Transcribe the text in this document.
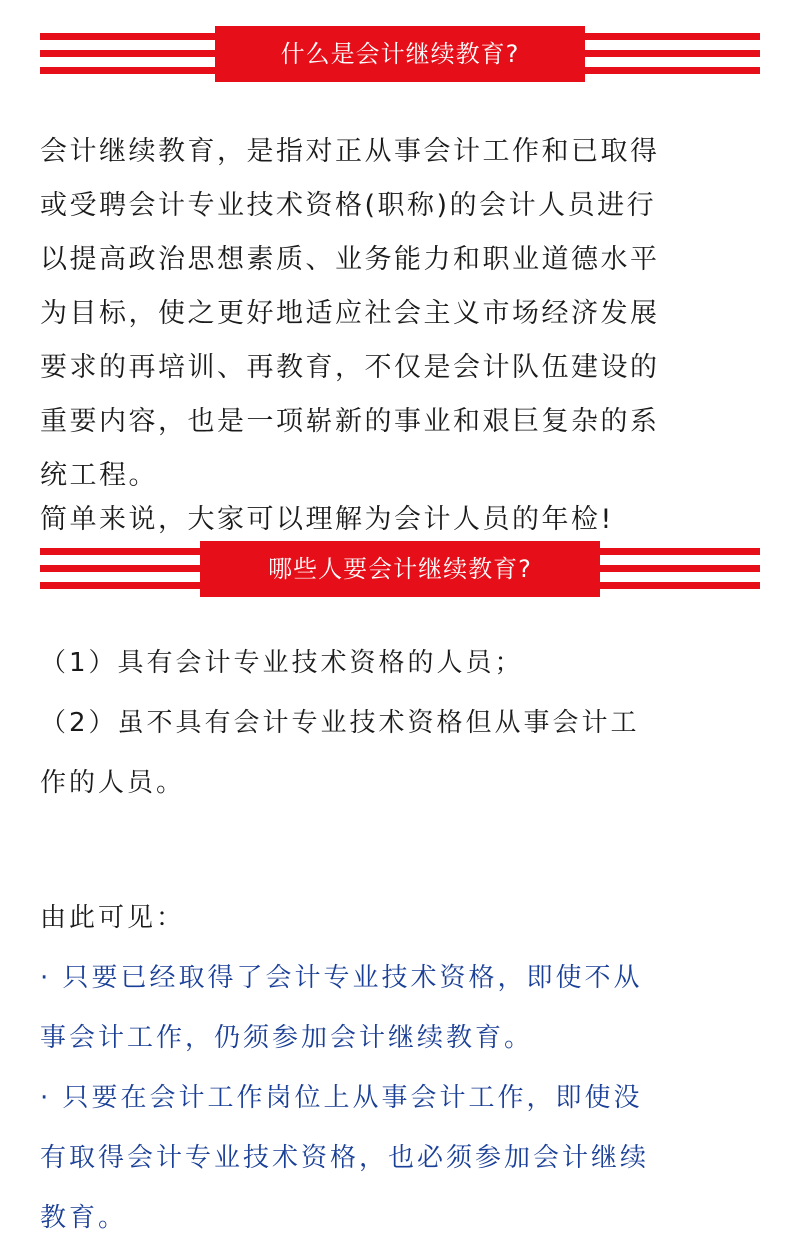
什么是会计继续教育?
会计继续教育，是指对正从事会计工作和已取得
或受聘会计专业技术资格(职称)的会计人员进行
以提高政治思想素质、业务能力和职业道德水平
为目标，使之更好地适应社会主义市场经济发展
要求的再培训、再教育，不仅是会计队伍建设的
重要内容，也是一项崭新的事业和艰巨复杂的系
统工程。
简单来说，大家可以理解为会计人员的年检!
哪些人要会计继续教育?
（1）具有会计专业技术资格的人员；
（2）虽不具有会计专业技术资格但从事会计工
作的人员。
由此可见：
· 只要已经取得了会计专业技术资格，即使不从
事会计工作，仍须参加会计继续教育。
· 只要在会计工作岗位上从事会计工作，即使没
有取得会计专业技术资格，也必须参加会计继续
教育。
